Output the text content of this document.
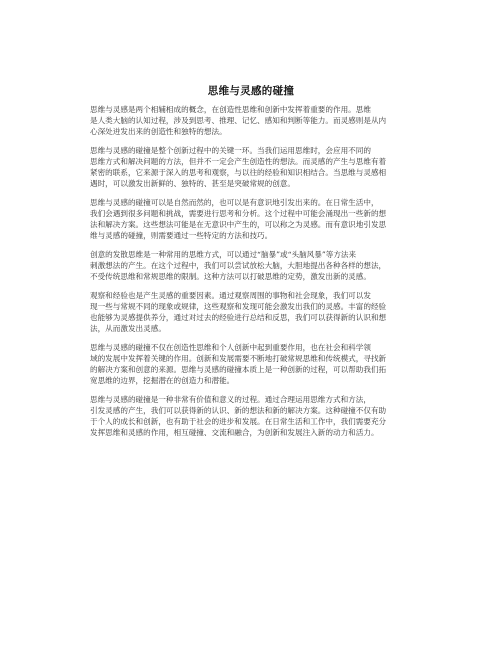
思维与灵感的碰撞

思维与灵感是两个相辅相成的概念，在创造性思维和创新中发挥着重要的作用。思维
是人类大脑的认知过程，涉及到思考、推理、记忆、感知和判断等能力。而灵感则是从内
心深处迸发出来的创造性和独特的想法。

思维与灵感的碰撞是整个创新过程中的关键一环。当我们运用思维时，会应用不同的
思维方式和解决问题的方法，但并不一定会产生创造性的想法。而灵感的产生与思维有着
紧密的联系，它来源于深入的思考和观察，与以往的经验和知识相结合。当思维与灵感相
遇时，可以激发出新鲜的、独特的、甚至是突破常规的创意。

思维与灵感的碰撞可以是自然而然的，也可以是有意识地引发出来的。在日常生活中，
我们会遇到很多问题和挑战，需要进行思考和分析。这个过程中可能会涌现出一些新的想
法和解决方案。这些想法可能是在无意识中产生的，可以称之为灵感。而有意识地引发思
维与灵感的碰撞，则需要通过一些特定的方法和技巧。

创意的发散思维是一种常用的思维方式，可以通过“脑暴”或“头脑风暴”等方法来
刺激想法的产生。在这个过程中，我们可以尝试放松大脑，大胆地提出各种各样的想法，
不受传统思维和常规思维的限制。这种方法可以打破思维的定势，激发出新的灵感。

观察和经验也是产生灵感的重要因素。通过观察周围的事物和社会现象，我们可以发
现一些与常规不同的现象或规律，这些观察和发现可能会激发出我们的灵感。丰富的经验
也能够为灵感提供养分，通过对过去的经验进行总结和反思，我们可以获得新的认识和想
法，从而激发出灵感。

思维与灵感的碰撞不仅在创造性思维和个人创新中起到重要作用，也在社会和科学领
域的发展中发挥着关键的作用。创新和发展需要不断地打破常规思维和传统模式，寻找新
的解决方案和创意的来源。思维与灵感的碰撞本质上是一种创新的过程，可以帮助我们拓
宽思维的边界，挖掘潜在的创造力和潜能。

思维与灵感的碰撞是一种非常有价值和意义的过程。通过合理运用思维方式和方法，
引发灵感的产生，我们可以获得新的认识、新的想法和新的解决方案。这种碰撞不仅有助
于个人的成长和创新，也有助于社会的进步和发展。在日常生活和工作中，我们需要充分
发挥思维和灵感的作用，相互碰撞、交流和融合，为创新和发展注入新的动力和活力。
